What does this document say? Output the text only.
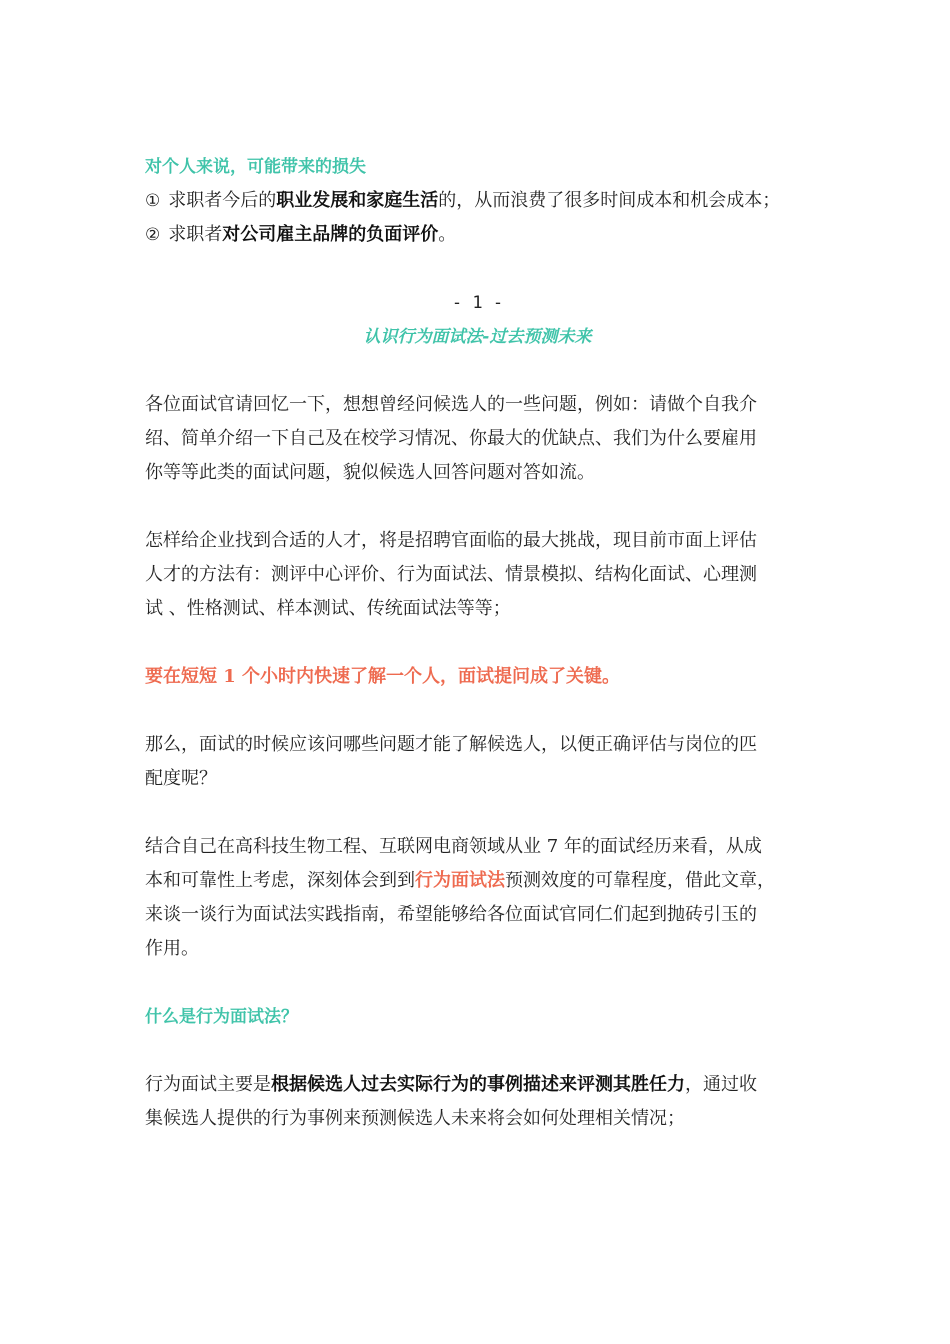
对个人来说，可能带来的损失

① 求职者今后的职业发展和家庭生活的，从而浪费了很多时间成本和机会成本；

② 求职者对公司雇主品牌的负面评价。

- 1 -

认识行为面试法-过去预测未来

各位面试官请回忆一下，想想曾经问候选人的一些问题，例如：请做个自我介

绍、简单介绍一下自己及在校学习情况、你最大的优缺点、我们为什么要雇用

你等等此类的面试问题，貌似候选人回答问题对答如流。

怎样给企业找到合适的人才，将是招聘官面临的最大挑战，现目前市面上评估

人才的方法有：测评中心评价、行为面试法、情景模拟、结构化面试、心理测

试 、性格测试、样本测试、传统面试法等等；

要在短短 1 个小时内快速了解一个人，面试提问成了关键。

那么，面试的时候应该问哪些问题才能了解候选人，以便正确评估与岗位的匹

配度呢？

结合自己在高科技生物工程、互联网电商领域从业 7 年的面试经历来看，从成

本和可靠性上考虑，深刻体会到到行为面试法预测效度的可靠程度，借此文章，

来谈一谈行为面试法实践指南，希望能够给各位面试官同仁们起到抛砖引玉的

作用。

什么是行为面试法？

行为面试主要是根据候选人过去实际行为的事例描述来评测其胜任力，通过收

集候选人提供的行为事例来预测候选人未来将会如何处理相关情况；
